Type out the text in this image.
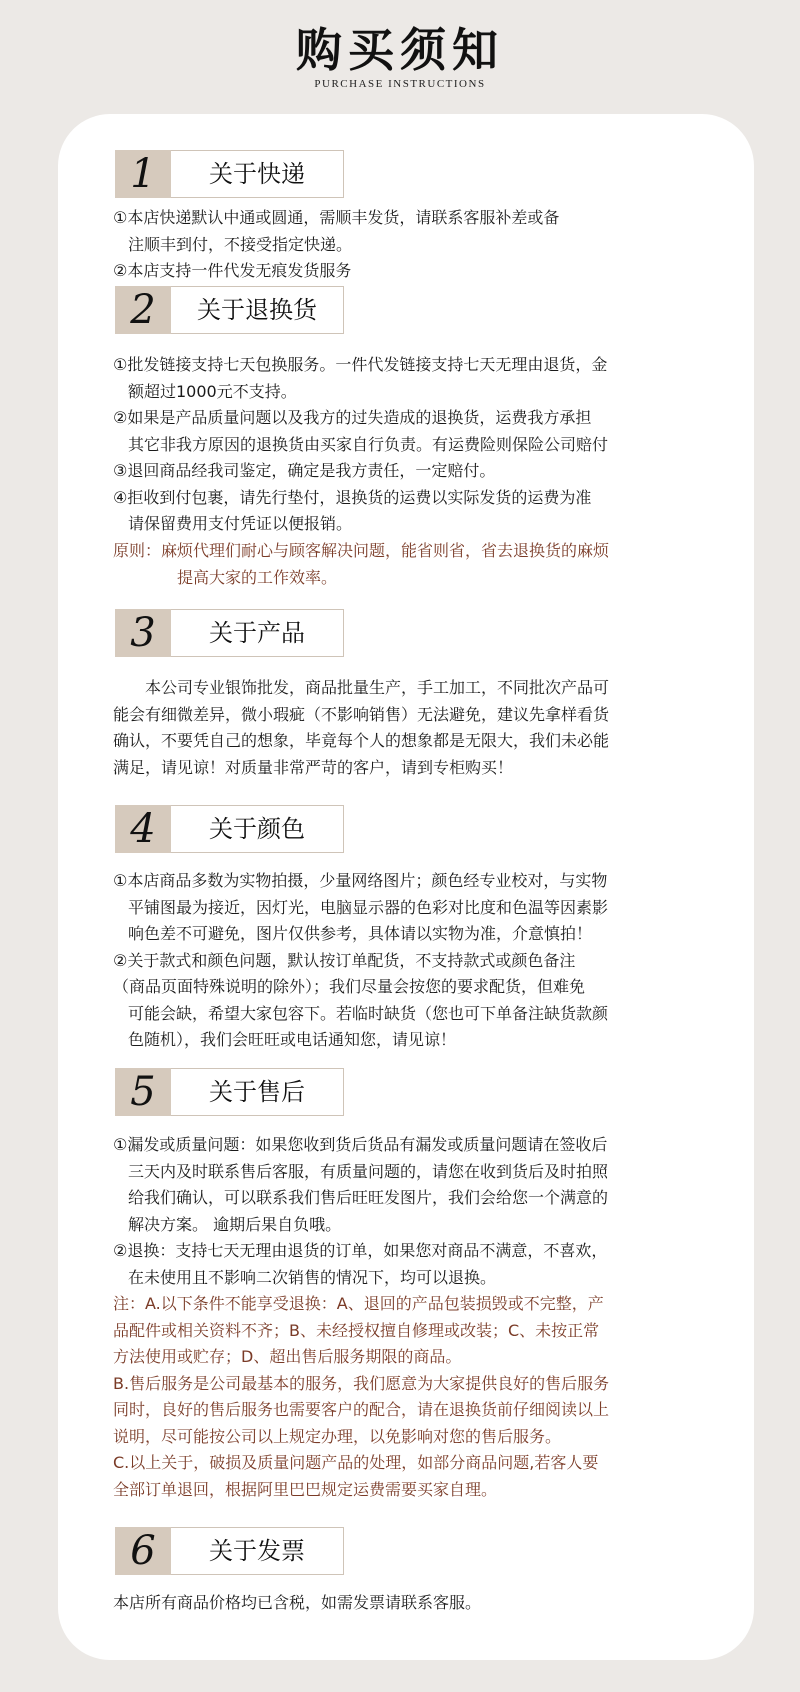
购买须知
PURCHASE INSTRUCTIONS
1	关于快递
①本店快递默认中通或圆通，需顺丰发货，请联系客服补差或备
注顺丰到付，不接受指定快递。
②本店支持一件代发无痕发货服务
2	关于退换货
①批发链接支持七天包换服务。一件代发链接支持七天无理由退货，金
额超过1000元不支持。
②如果是产品质量问题以及我方的过失造成的退换货，运费我方承担
其它非我方原因的退换货由买家自行负责。有运费险则保险公司赔付
③退回商品经我司鉴定，确定是我方责任，一定赔付。
④拒收到付包裹，请先行垫付，退换货的运费以实际发货的运费为准
请保留费用支付凭证以便报销。
原则：麻烦代理们耐心与顾客解决问题，能省则省，省去退换货的麻烦
提高大家的工作效率。
3	关于产品
本公司专业银饰批发，商品批量生产，手工加工，不同批次产品可
能会有细微差异，微小瑕疵（不影响销售）无法避免，建议先拿样看货
确认，不要凭自己的想象，毕竟每个人的想象都是无限大，我们未必能
满足，请见谅！对质量非常严苛的客户，请到专柜购买！
4	关于颜色
①本店商品多数为实物拍摄，少量网络图片；颜色经专业校对，与实物
平铺图最为接近，因灯光，电脑显示器的色彩对比度和色温等因素影
响色差不可避免，图片仅供参考，具体请以实物为准，介意慎拍！
②关于款式和颜色问题，默认按订单配货，不支持款式或颜色备注
（商品页面特殊说明的除外）；我们尽量会按您的要求配货，但难免
可能会缺，希望大家包容下。若临时缺货（您也可下单备注缺货款颜
色随机），我们会旺旺或电话通知您，请见谅！
5	关于售后
①漏发或质量问题：如果您收到货后货品有漏发或质量问题请在签收后
三天内及时联系售后客服，有质量问题的，请您在收到货后及时拍照
给我们确认，可以联系我们售后旺旺发图片，我们会给您一个满意的
解决方案。 逾期后果自负哦。
②退换：支持七天无理由退货的订单，如果您对商品不满意，不喜欢，
在未使用且不影响二次销售的情况下，均可以退换。
注：A.以下条件不能享受退换：A、退回的产品包装损毁或不完整，产
品配件或相关资料不齐；B、未经授权擅自修理或改装；C、未按正常
方法使用或贮存；D、超出售后服务期限的商品。
B.售后服务是公司最基本的服务，我们愿意为大家提供良好的售后服务
同时，良好的售后服务也需要客户的配合，请在退换货前仔细阅读以上
说明，尽可能按公司以上规定办理，以免影响对您的售后服务。
C.以上关于，破损及质量问题产品的处理，如部分商品问题,若客人要
全部订单退回，根据阿里巴巴规定运费需要买家自理。
6	关于发票
本店所有商品价格均已含税，如需发票请联系客服。
